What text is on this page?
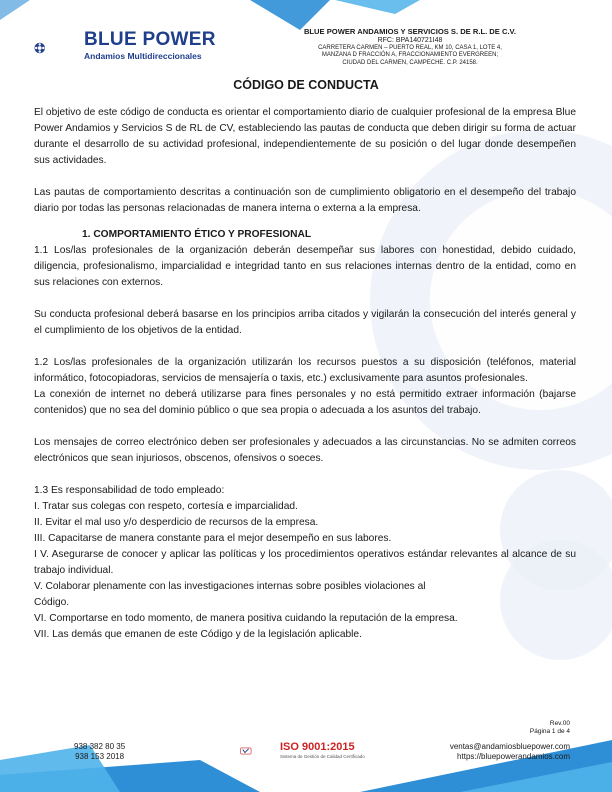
BLUE POWER
Andamios Multidireccionales
BLUE POWER ANDAMIOS Y SERVICIOS S. DE R.L. DE C.V.
RFC: BPA140721I48
CARRETERA CARMEN – PUERTO REAL, KM 10, CASA 1, LOTE 4,
MANZANA D FRACCIÓN A, FRACCIONAMIENTO EVERGREEN;
CIUDAD DEL CARMEN, CAMPECHE. C.P. 24158.
CÓDIGO DE CONDUCTA

El objetivo de este código de conducta es orientar el comportamiento diario de cualquier profesional de la empresa Blue Power Andamios y Servicios S de RL de CV, estableciendo las pautas de conducta que deben dirigir su forma de actuar durante el desarrollo de su actividad profesional, independientemente de su posición o del lugar donde desempeñen sus actividades.

Las pautas de comportamiento descritas a continuación son de cumplimiento obligatorio en el desempeño del trabajo diario por todas las personas relacionadas de manera interna o externa a la empresa.

1. COMPORTAMIENTO ÉTICO Y PROFESIONAL

1.1 Los/las profesionales de la organización deberán desempeñar sus labores con honestidad, debido cuidado, diligencia, profesionalismo, imparcialidad e integridad tanto en sus relaciones internas dentro de la entidad, como en sus relaciones con externos.

Su conducta profesional deberá basarse en los principios arriba citados y vigilarán la consecución del interés general y el cumplimiento de los objetivos de la entidad.

1.2 Los/las profesionales de la organización utilizarán los recursos puestos a su disposición (teléfonos, material informático, fotocopiadoras, servicios de mensajería o taxis, etc.) exclusivamente para asuntos profesionales.

La conexión de internet no deberá utilizarse para fines personales y no está permitido extraer información (bajarse contenidos) que no sea del dominio público o que sea propia o adecuada a los asuntos del trabajo.

Los mensajes de correo electrónico deben ser profesionales y adecuados a las circunstancias. No se admiten correos electrónicos que sean injuriosos, obscenos, ofensivos o soeces.

1.3 Es responsabilidad de todo empleado:

I. Tratar sus colegas con respeto, cortesía e imparcialidad.

II. Evitar el mal uso y/o desperdicio de recursos de la empresa.

III. Capacitarse de manera constante para el mejor desempeño en sus labores.

I V. Asegurarse de conocer y aplicar las políticas y los procedimientos operativos estándar relevantes al alcance de su trabajo individual.

V. Colaborar plenamente con las investigaciones internas sobre posibles violaciones al

Código.

VI. Comportarse en todo momento, de manera positiva cuidando la reputación de la empresa.

VII. Las demás que emanen de este Código y de la legislación aplicable.

Rev.00
Página 1 de 4
938 382 80 35
938 153 2018
ISO 9001:2015
Sistema de Gestión de Calidad Certificado
ventas@andamiosbluepower.com
https://bluepowerandamios.com
